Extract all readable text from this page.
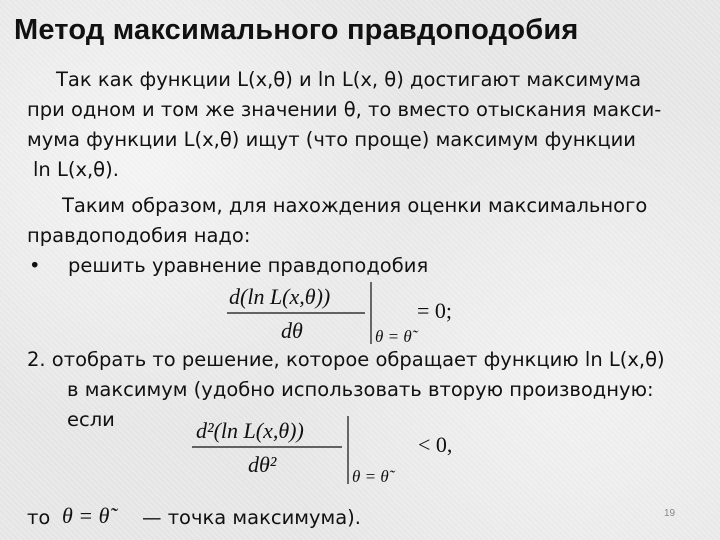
Метод максимального правдоподобия
Так как функции L(x,θ) и ln L(x, θ) достигают максимума
при одном и том же значении θ, то вместо отыскания макси-
мума функции L(x,θ) ищут (что проще) максимум функции
ln L(x,θ).
Таким образом, для нахождения оценки максимального
правдоподобия надо:
• решить уравнение правдоподобия
d(ln L(x,θ))
dθ
= 0;
θ = θ̃
2. отобрать то решение, которое обращает функцию ln L(x,θ)
в максимум (удобно использовать вторую производную:
если	d²(ln L(x,θ))
dθ²
< 0,
θ = θ̃
то θ = θ̃	— точка максимума).	19
